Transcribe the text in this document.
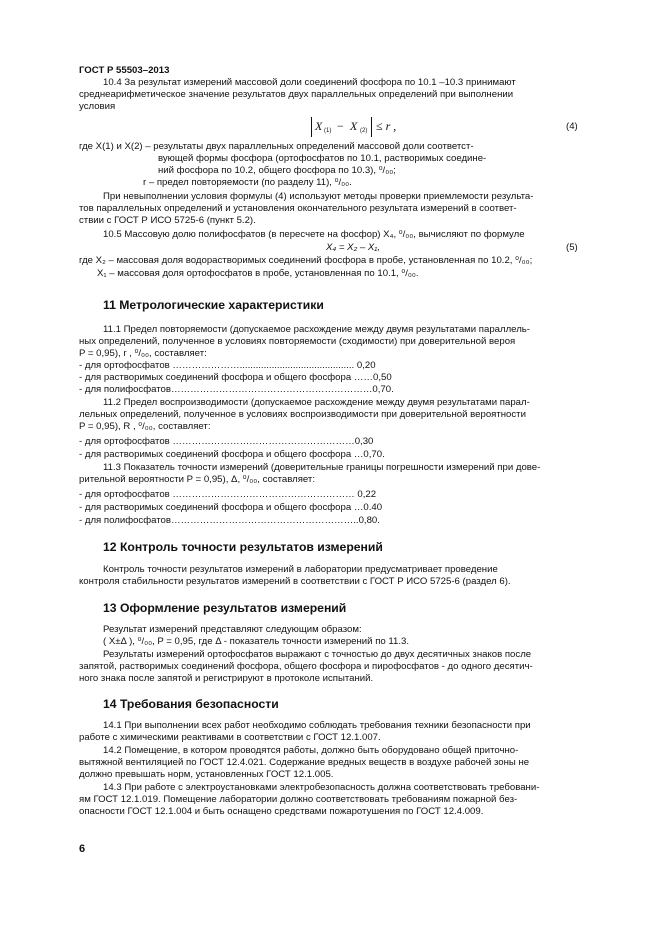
ГОСТ Р 55503–2013
10.4 За результат измерений массовой доли соединений фосфора по 10.1 –10.3 принимают
среднеарифметическое значение результатов двух параллельных определений при выполнении
условия
X (1) − X (2) ≤ r ,	(4)
где X(1) и X(2) – результаты двух параллельных определений массовой доли соответст-
вующей формы фосфора (ортофосфатов по 10.1, растворимых соедине-
ний фосфора по 10.2, общего фосфора по 10.3), ⁰/₀₀;
r – предел повторяемости (по разделу 11), ⁰/₀₀.
При невыполнении условия формулы (4) используют методы проверки приемлемости результа-
тов параллельных определений и установления окончательного результата измерений в соответ-
ствии с ГОСТ Р ИСО 5725-6 (пункт 5.2).
10.5 Массовую долю полифосфатов (в пересчете на фосфор) X₄, ⁰/₀₀, вычисляют по формуле
X₄ = X₂ – X₁,	(5)
где X₂ – массовая доля водорастворимых соединений фосфора в пробе, установленная по 10.2, ⁰/₀₀;
X₁ – массовая доля ортофосфатов в пробе, установленная по 10.1, ⁰/₀₀.
11 Метрологические характеристики
11.1 Предел повторяемости (допускаемое расхождение между двумя результатами параллель-
ных определений, полученное в условиях повторяемости (сходимости) при доверительной вероя
P = 0,95), r , ⁰/₀₀, составляет:
- для ортофосфатов …………………........................................... 0,20
- для растворимых соединений фосфора и общего фосфора ……0,50
- для полифосфатов………………………………………………………0,70.
11.2 Предел воспроизводимости (допускаемое расхождение между двумя результатами парал-
лельных определений, полученное в условиях воспроизводимости при доверительной вероятности
P = 0,95), R , ⁰/₀₀, составляет:
- для ортофосфатов …………………………………………………0,30
- для растворимых соединений фосфора и общего фосфора …0,70.
11.3 Показатель точности измерений (доверительные границы погрешности измерений при дове-
рительной вероятности P = 0,95), Δ, ⁰/₀₀, составляет:
- для ортофосфатов ………………………………………………… 0,22
- для растворимых соединений фосфора и общего фосфора …0.40
- для полифосфатов…………………………………………………..0,80.
12 Контроль точности результатов измерений
Контроль точности результатов измерений в лаборатории предусматривает проведение
контроля стабильности результатов измерений в соответствии с ГОСТ Р ИСО 5725-6 (раздел 6).
13 Оформление результатов измерений
Результат измерений представляют следующим образом:
( X±Δ ), ⁰/₀₀, P = 0,95, где Δ - показатель точности измерений по 11.3.
Результаты измерений ортофосфатов выражают с точностью до двух десятичных знаков после
запятой, растворимых соединений фосфора, общего фосфора и пирофосфатов - до одного десятич-
ного знака после запятой и регистрируют в протоколе испытаний.
14 Требования безопасности
14.1 При выполнении всех работ необходимо соблюдать требования техники безопасности при
работе с химическими реактивами в соответствии с ГОСТ 12.1.007.
14.2 Помещение, в котором проводятся работы, должно быть оборудовано общей приточно-
вытяжной вентиляцией по ГОСТ 12.4.021. Содержание вредных веществ в воздухе рабочей зоны не
должно превышать норм, установленных ГОСТ 12.1.005.
14.3 При работе с электроустановками электробезопасность должна соответствовать требовани-
ям ГОСТ 12.1.019. Помещение лаборатории должно соответствовать требованиям пожарной без-
опасности ГОСТ 12.1.004 и быть оснащено средствами пожаротушения по ГОСТ 12.4.009.
6
